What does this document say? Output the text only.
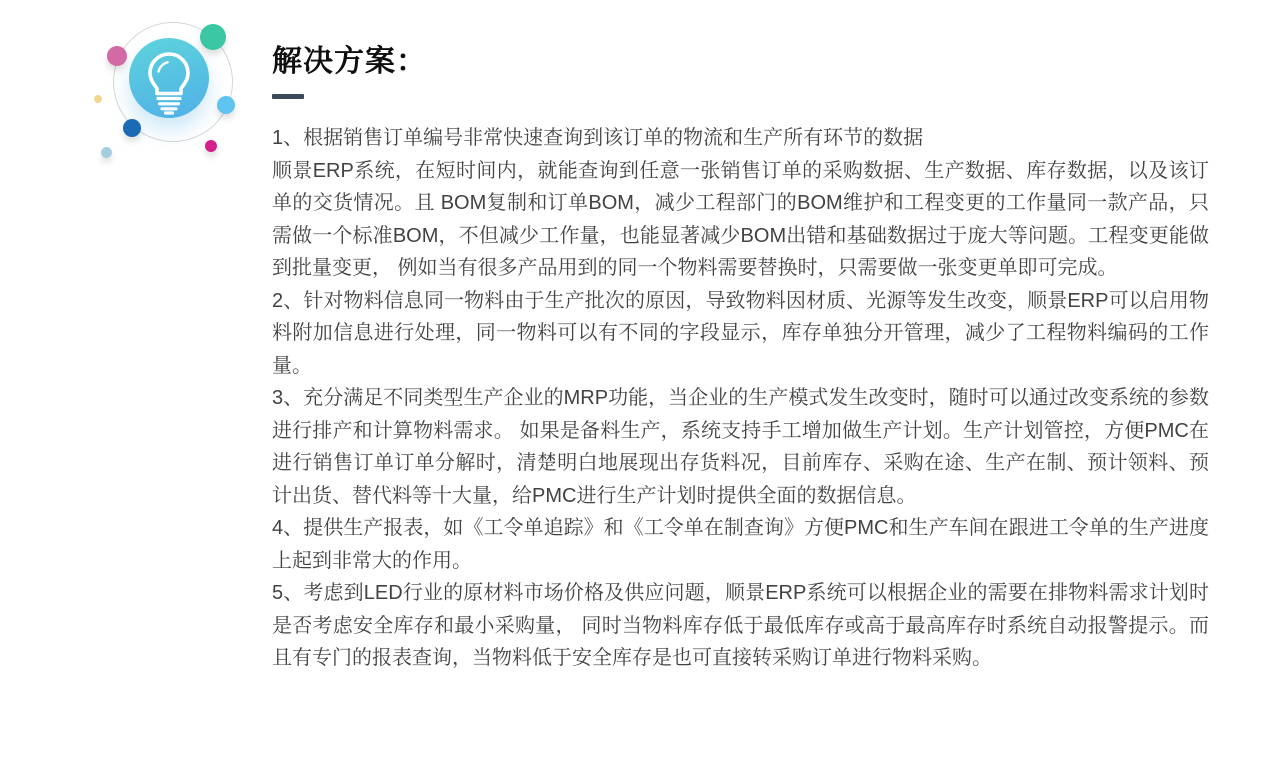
解决方案：
1、根据销售订单编号非常快速查询到该订单的物流和生产所有环节的数据
顺景ERP系统，在短时间内，就能查询到任意一张销售订单的采购数据、生产数据、库存数据，以及该订单的交货情况。且 BOM复制和订单BOM，减少工程部门的BOM维护和工程变更的工作量同一款产品，只需做一个标准BOM，不但减少工作量，也能显著减少BOM出错和基础数据过于庞大等问题。工程变更能做到批量变更， 例如当有很多产品用到的同一个物料需要替换时，只需要做一张变更单即可完成。
2、针对物料信息同一物料由于生产批次的原因，导致物料因材质、光源等发生改变，顺景ERP可以启用物料附加信息进行处理，同一物料可以有不同的字段显示，库存单独分开管理，减少了工程物料编码的工作量。
3、充分满足不同类型生产企业的MRP功能，当企业的生产模式发生改变时，随时可以通过改变系统的参数进行排产和计算物料需求。 如果是备料生产，系统支持手工增加做生产计划。生产计划管控，方便PMC在进行销售订单订单分解时，清楚明白地展现出存货料况，目前库存、采购在途、生产在制、预计领料、预计出货、替代料等十大量，给PMC进行生产计划时提供全面的数据信息。
4、提供生产报表，如《工令单追踪》和《工令单在制查询》方便PMC和生产车间在跟进工令单的生产进度上起到非常大的作用。
5、考虑到LED行业的原材料市场价格及供应问题，顺景ERP系统可以根据企业的需要在排物料需求计划时是否考虑安全库存和最小采购量， 同时当物料库存低于最低库存或高于最高库存时系统自动报警提示。而且有专门的报表查询，当物料低于安全库存是也可直接转采购订单进行物料采购。
